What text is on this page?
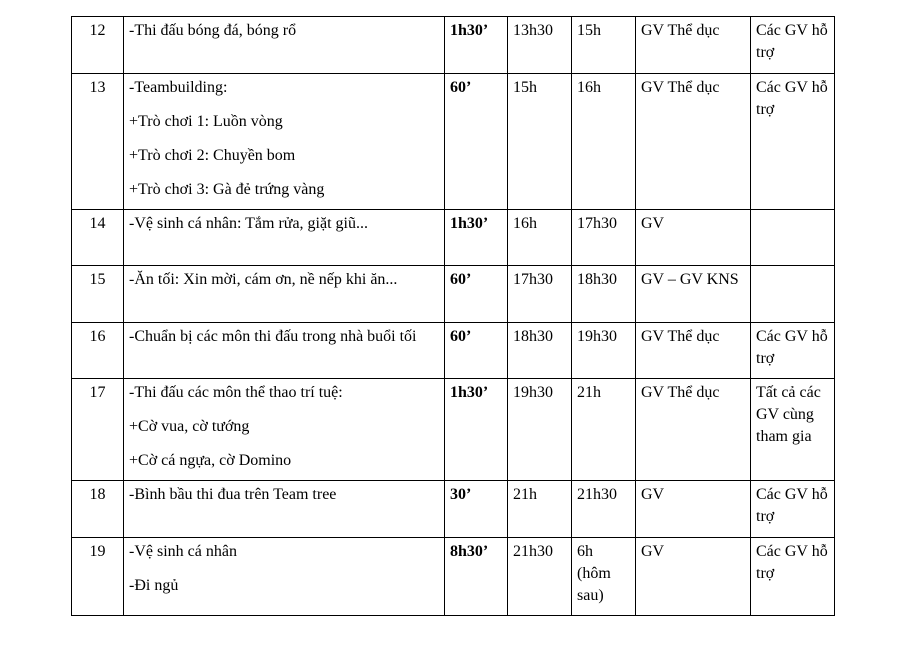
12	-Thi đấu bóng đá, bóng rổ	1h30’	13h30	15h	GV Thể dục	Các GV hỗ trợ
13	-Teambuilding:

+Trò chơi 1: Luồn vòng

+Trò chơi 2: Chuyền bom

+Trò chơi 3: Gà đẻ trứng vàng	60’	15h	16h	GV Thể dục	Các GV hỗ trợ
14	-Vệ sinh cá nhân: Tắm rửa, giặt giũ...	1h30’	16h	17h30	GV	
15	-Ăn tối: Xin mời, cám ơn, nề nếp khi ăn...	60’	17h30	18h30	GV – GV KNS	
16	-Chuẩn bị các môn thi đấu trong nhà buổi tối	60’	18h30	19h30	GV Thể dục	Các GV hỗ trợ
17	-Thi đấu các môn thể thao trí tuệ:

+Cờ vua, cờ tướng

+Cờ cá ngựa, cờ Domino	1h30’	19h30	21h	GV Thể dục	Tất cả các GV cùng tham gia
18	-Bình bầu thi đua trên Team tree	30’	21h	21h30	GV	Các GV hỗ trợ
19	-Vệ sinh cá nhân

-Đi ngủ	8h30’	21h30	6h (hôm sau)	GV	Các GV hỗ trợ
